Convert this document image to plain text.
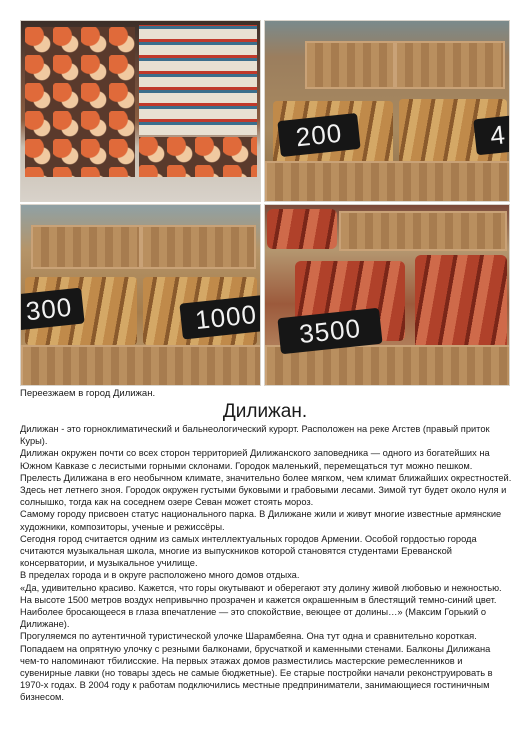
200	4
300	1000	3500
Переезжаем в город Дилижан.
Дилижан.

Дилижан - это горноклиматический и бальнеологический курорт. Расположен на реке Агстев (правый приток Куры).

Дилижан окружен почти со всех сторон территорией Дилижанского заповедника — одного из богатейших на Южном Кавказе с лесистыми горными склонами. Городок маленький, перемещаться тут можно пешком.

Прелесть Дилижана в его необычном климате, значительно более мягком, чем климат ближайших окрестностей. Здесь нет летнего зноя. Городок окружен густыми буковыми и грабовыми лесами. Зимой тут будет около нуля и солнышко, тогда как на соседнем озере Севан может стоять мороз.

Самому городу присвоен статус национального парка. В Дилижане жили и живут многие известные армянские художники, композиторы, ученые и режиссёры.

Сегодня город считается одним из самых интеллектуальных городов Армении. Особой гордостью города считаются музыкальная школа, многие из выпускников которой становятся студентами Ереванской консерватории, и музыкальное училище.

В пределах города и в округе расположено много домов отдыха.

«Да, удивительно красиво. Кажется, что горы окутывают и оберегают эту долину живой любовью и нежностью. На высоте 1500 метров воздух непривычно прозрачен и кажется окрашенным в блестящий темно-синий цвет. Наиболее бросающееся в глаза впечатление — это спокойствие, веющее от долины…» (Максим Горький о Дилижане).

Прогуляемся по аутентичной туристической улочке Шарамбеяна. Она тут одна и сравнительно короткая. Попадаем на опрятную улочку с резными балконами, брусчаткой и каменными стенами. Балконы Дилижана чем-то напоминают тбилисские. На первых этажах домов разместились мастерские ремесленников и сувенирные лавки (но товары здесь не самые бюджетные). Ее старые постройки начали реконструировать в 1970-х годах. В 2004 году к работам подключились местные предприниматели, занимающиеся гостиничным бизнесом.
